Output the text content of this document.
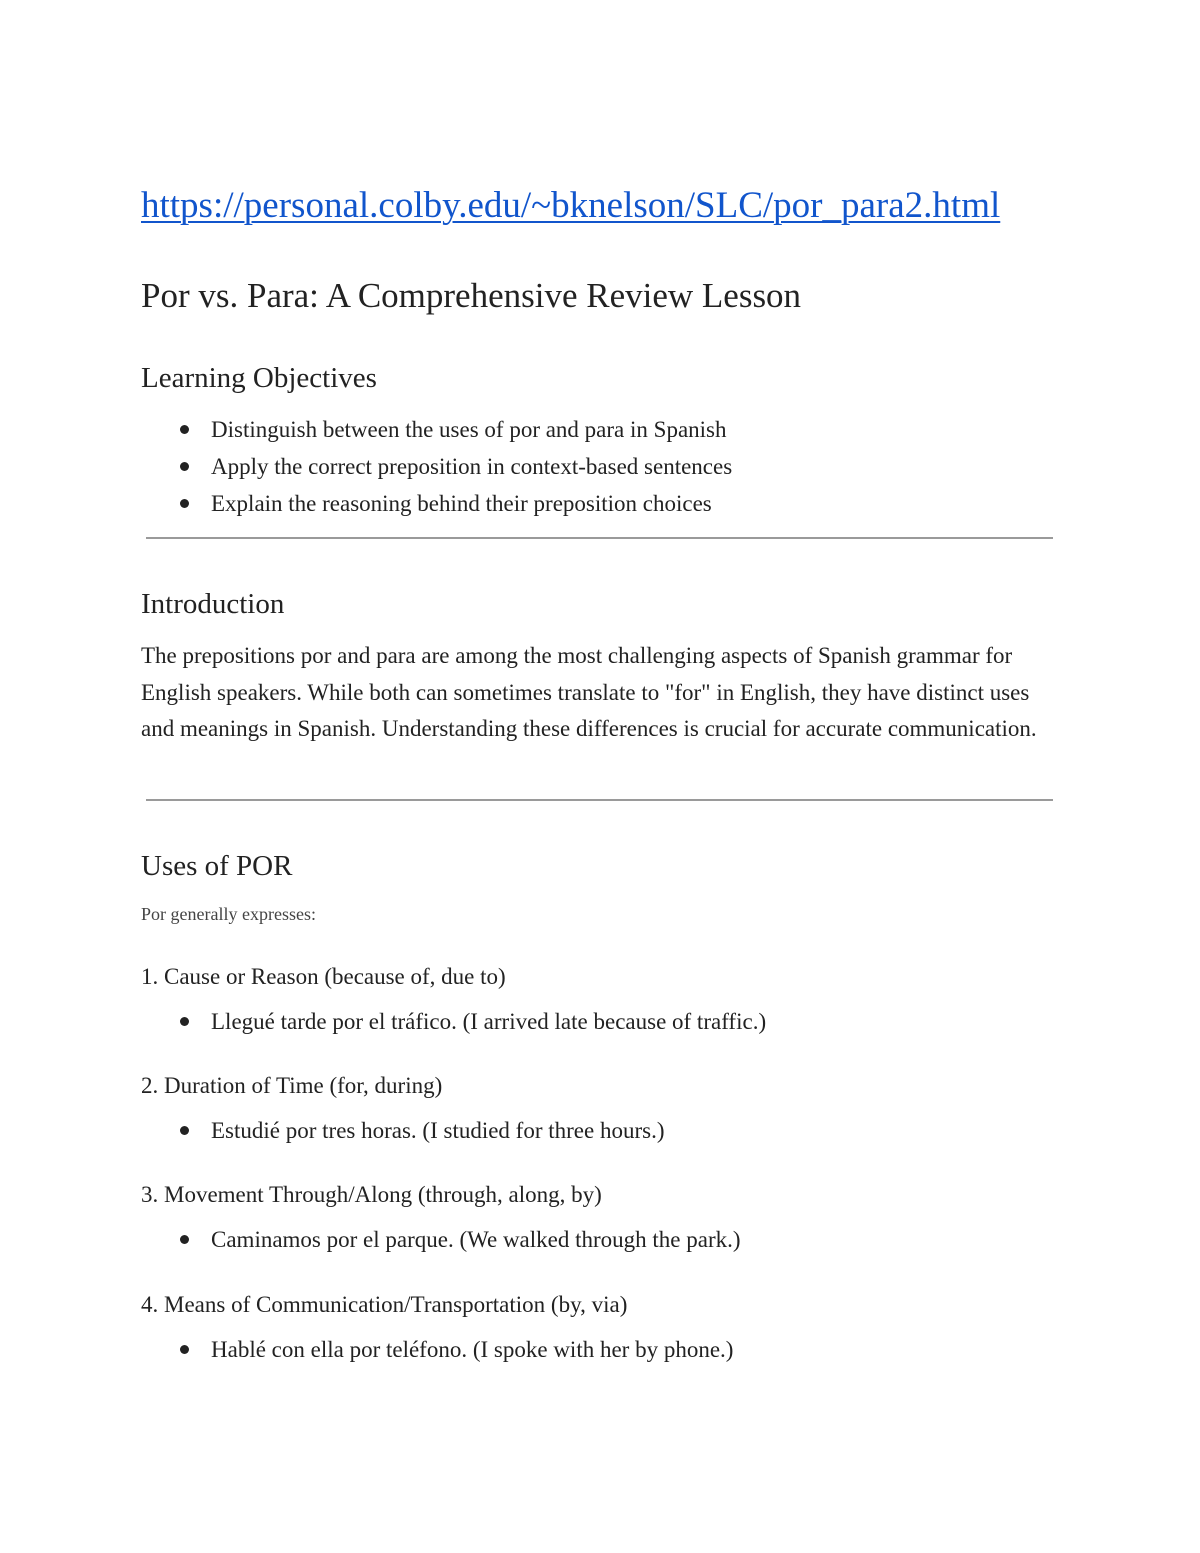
https://personal.colby.edu/~bknelson/SLC/por_para2.html
Por vs. Para: A Comprehensive Review Lesson
Learning Objectives
Distinguish between the uses of por and para in Spanish
Apply the correct preposition in context-based sentences
Explain the reasoning behind their preposition choices
Introduction

The prepositions por and para are among the most challenging aspects of Spanish grammar for English speakers. While both can sometimes translate to "for" in English, they have distinct uses and meanings in Spanish. Understanding these differences is crucial for accurate communication.

Uses of POR

Por generally expresses:

1. Cause or Reason (because of, due to)

Llegué tarde por el tráfico. (I arrived late because of traffic.)

2. Duration of Time (for, during)

Estudié por tres horas. (I studied for three hours.)

3. Movement Through/Along (through, along, by)

Caminamos por el parque. (We walked through the park.)

4. Means of Communication/Transportation (by, via)

Hablé con ella por teléfono. (I spoke with her by phone.)
